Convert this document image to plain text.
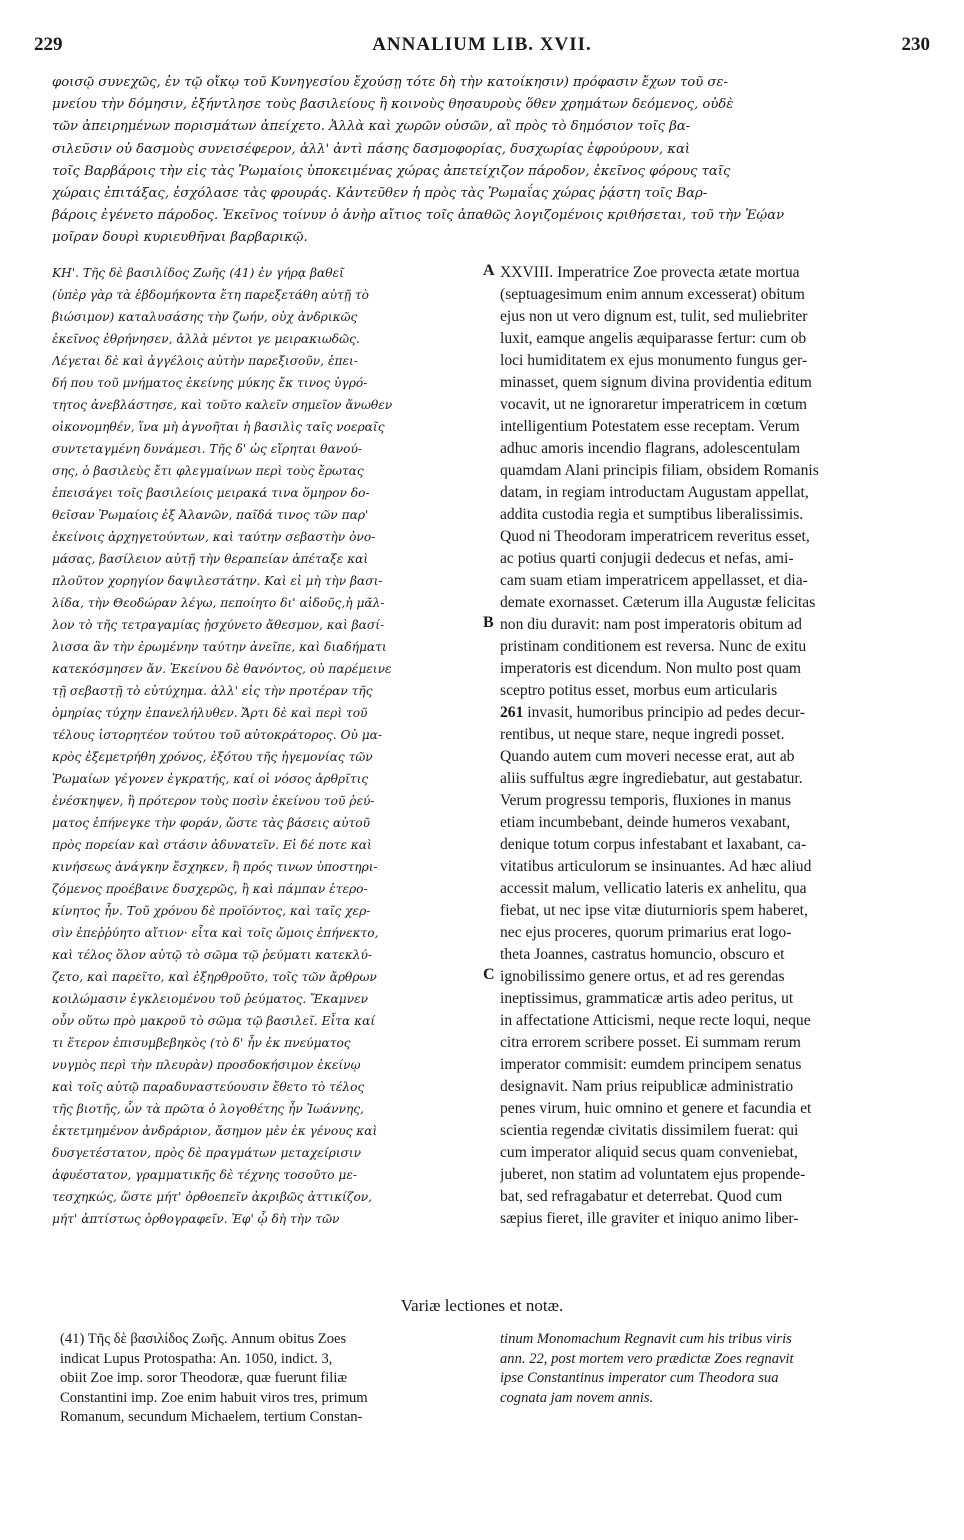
229	ANNALIUM LIB. XVII.	230
φοισῷ συνεχῶς, ἐν τῷ οἴκῳ τοῦ Κυνηγεσίου ἔχούσῃ τότε δὴ τὴν κατοίκησιν) πρόφασιν ἔχων τοῦ σε-
μνείου τὴν δόμησιν, ἐξήντλησε τοὺς βασιλείους ἢ κοινοὺς θησαυροὺς ὅθεν χρημάτων δεόμενος, οὐδὲ
τῶν ἀπειρημένων πορισμάτων ἀπείχετο. Ἀλλὰ καὶ χωρῶν οὐσῶν, αἳ πρὸς τὸ δημόσιον τοῖς βα-
σιλεῦσιν οὐ δασμοὺς συνεισέφερον, ἀλλ' ἀντὶ πάσης δασμοφορίας, δυσχωρίας ἐφρούρουν, καὶ
τοῖς Βαρβάροις τὴν εἰς τὰς Ῥωμαίοις ὑποκειμένας χώρας ἀπετείχιζον πάροδον, ἐκεῖνος φόρους ταῖς
χώραις ἐπιτάξας, ἐσχόλασε τὰς φρουράς. Κἀντεῦθεν ἡ πρὸς τὰς Ῥωμαΐας χώρας ῥᾴστη τοῖς Βαρ-
βάροις ἐγένετο πάροδος. Ἐκεῖνος τοίνυν ὁ ἀνὴρ αἴτιος τοῖς ἀπαθῶς λογιζομένοις κριθήσεται, τοῦ τὴν Ἑῴαν
μοῖραν δουρὶ κυριευθῆναι βαρβαρικῷ.
ΚΗ'. Τῆς δὲ βασιλίδος Ζωῆς (41) ἐν γήρᾳ βαθεῖ
(ὑπὲρ γὰρ τὰ ἑβδομήκοντα ἔτη παρεξετάθη αὐτῇ τὸ
βιώσιμον) καταλυσάσης τὴν ζωήν, οὐχ ἀνδρικῶς
ἐκεῖνος ἐθρήνησεν, ἀλλὰ μέντοι γε μειρακιωδῶς.
Λέγεται δὲ καὶ ἀγγέλοις αὐτὴν παρεξισοῦν, ἐπει-
δή που τοῦ μνήματος ἐκείνης μύκης ἔκ τινος ὑγρό-
τητος ἀνεβλάστησε, καὶ τοῦτο καλεῖν σημεῖον ἄνωθεν
οἰκονομηθέν, ἵνα μὴ ἀγνοῆται ἡ βασιλὶς ταῖς νοεραῖς
συντεταγμένη δυνάμεσι. Τῆς δ' ὡς εἴρηται θανού-
σης, ὁ βασιλεὺς ἔτι φλεγμαίνων περὶ τοὺς ἔρωτας
ἐπεισάγει τοῖς βασιλείοις μειρακά τινα ὅμηρον δο-
θεῖσαν Ῥωμαίοις ἐξ Ἀλανῶν, παῖδά τινος τῶν παρ'
ἐκείνοις ἀρχηγετούντων, καὶ ταύτην σεβαστὴν ὀνο-
μάσας, βασίλειον αὐτῇ τὴν θεραπείαν ἀπέταξε καὶ
πλοῦτον χορηγίον δαψιλεστάτην. Καὶ εἰ μὴ τὴν βασι-
λίδα, τὴν Θεοδώραν λέγω, πεποίητο δι' αἰδοῦς,ἡ μᾶλ-
λον τὸ τῆς τετραγαμίας ᾐσχύνετο ἄθεσμον, καὶ βασί-
λισσα ἂν τὴν ἐρωμένην ταύτην ἀνεῖπε, καὶ διαδήματι
κατεκόσμησεν ἄν. Ἐκείνου δὲ θανόντος, οὐ παρέμεινε
τῇ σεβαστῇ τὸ εὐτύχημα. ἀλλ' εἰς τὴν προτέραν τῆς
ὁμηρίας τύχην ἐπανελήλυθεν. Ἄρτι δὲ καὶ περὶ τοῦ
τέλους ἱστορητέον τούτου τοῦ αὐτοκράτορος. Οὐ μα-
κρὸς ἐξεμετρήθη χρόνος, ἐξότου τῆς ἡγεμονίας τῶν
Ῥωμαίων γέγονεν ἐγκρατής, καί οἱ νόσος ἀρθρῖτις
ἐνέσκηψεν, ἣ πρότερον τοὺς ποσὶν ἐκείνου τοῦ ῥεύ-
ματος ἐπήνεγκε τὴν φοράν, ὥστε τὰς βάσεις αὐτοῦ
πρὸς πορείαν καὶ στάσιν ἀδυνατεῖν. Εἰ δέ ποτε καὶ
κινήσεως ἀνάγκην ἔσχηκεν, ἢ πρός τινων ὑποστηρι-
ζόμενος προέβαινε δυσχερῶς, ἢ καὶ πάμπαν ἑτερο-
κίνητος ἦν. Τοῦ χρόνου δὲ προϊόντος, καὶ ταῖς χερ-
σὶν ἐπεῤῥύητο αἴτιον· εἶτα καὶ τοῖς ὤμοις ἐπήνεκτο,
καὶ τέλος ὅλον αὐτῷ τὸ σῶμα τῷ ῥεύματι κατεκλύ-
ζετο, καὶ παρεῖτο, καὶ ἐξηρθροῦτο, τοῖς τῶν ἄρθρων
κοιλώμασιν ἐγκλειομένου τοῦ ῥεύματος. Ἔκαμνεν
οὖν οὕτω πρὸ μακροῦ τὸ σῶμα τῷ βασιλεῖ. Εἶτα καί
τι ἕτερον ἐπισυμβεβηκὸς (τὸ δ' ἦν ἐκ πνεύματος
νυγμὸς περὶ τὴν πλευρὰν) προσδοκήσιμον ἐκείνῳ
καὶ τοῖς αὐτῷ παραδυναστεύουσιν ἔθετο τὸ τέλος
τῆς βιοτῆς, ὧν τὰ πρῶτα ὁ λογοθέτης ἦν Ἰωάννης,
ἐκτετμημένον ἀνδράριον, ἄσημον μὲν ἐκ γένους καὶ
δυσγετέστατον, πρὸς δὲ πραγμάτων μεταχείρισιν
ἀφυέστατον, γραμματικῆς δὲ τέχνης τοσοῦτο με-
τεσχηκώς, ὥστε μήτ' ὀρθοεπεῖν ἀκριβῶς ἀττικίζον,
μήτ' ἀπτίστως ὀρθογραφεῖν. Ἐφ' ᾧ δὴ τὴν τῶν
XXVIII. Imperatrice Zoe provecta ætate mortua
(septuagesimum enim annum excesserat) obitum
ejus non ut vero dignum est, tulit, sed muliebriter
luxit, eamque angelis æquiparasse fertur: cum ob
loci humiditatem ex ejus monumento fungus ger-
minasset, quem signum divina providentia editum
vocavit, ut ne ignoraretur imperatricem in cœtum
intelligentium Potestatem esse receptam. Verum
adhuc amoris incendio flagrans, adolescentulam
quamdam Alani principis filiam, obsidem Romanis
datam, in regiam introductam Augustam appellat,
addita custodia regia et sumptibus liberalissimis.
Quod ni Theodoram imperatricem reveritus esset,
ac potius quarti conjugii dedecus et nefas, ami-
cam suam etiam imperatricem appellasset, et dia-
demate exornasset. Cæterum illa Augustæ felicitas
non diu duravit: nam post imperatoris obitum ad
pristinam conditionem est reversa. Nunc de exitu
imperatoris est dicendum. Non multo post quam
sceptro potitus esset, morbus eum articularis
261 invasit, humoribus principio ad pedes decur-
rentibus, ut neque stare, neque ingredi posset.
Quando autem cum moveri necesse erat, aut ab
aliis suffultus ægre ingrediebatur, aut gestabatur.
Verum progressu temporis, fluxiones in manus
etiam incumbebant, deinde humeros vexabant,
denique totum corpus infestabant et laxabant, ca-
vitatibus articulorum se insinuantes. Ad hæc aliud
accessit malum, vellicatio lateris ex anhelitu, qua
fiebat, ut nec ipse vitæ diuturnioris spem haberet,
nec ejus proceres, quorum primarius erat logo-
theta Joannes, castratus homuncio, obscuro et
ignobilissimo genere ortus, et ad res gerendas
ineptissimus, grammaticæ artis adeo peritus, ut
in affectatione Atticismi, neque recte loqui, neque
citra errorem scribere posset. Ei summam rerum
imperator commisit: eumdem principem senatus
designavit. Nam prius reipublicæ administratio
penes virum, huic omnino et genere et facundia et
scientia regendæ civitatis dissimilem fuerat: qui
cum imperator aliquid secus quam conveniebat,
juberet, non statim ad voluntatem ejus propende-
bat, sed refragabatur et deterrebat. Quod cum
sæpius fieret, ille graviter et iniquo animo liber-
A
B
C
Variæ lectiones et notæ.
(41) Τῆς δὲ βασιλίδος Ζωῆς. Annum obitus Zoes
indicat Lupus Protospatha: An. 1050, indict. 3,
obiit Zoe imp. soror Theodoræ, quæ fuerunt filiæ
Constantini imp. Zoe enim habuit viros tres, primum
Romanum, secundum Michaelem, tertium Constan-
tinum Monomachum Regnavit cum his tribus viris
ann. 22, post mortem vero prædictæ Zoes regnavit
ipse Constantinus imperator cum Theodora sua
cognata jam novem annis.
